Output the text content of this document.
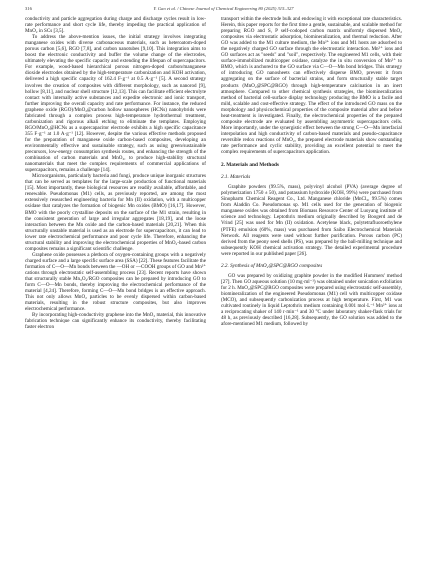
316	Y. Gao et al. / Chinese Journal of Chemical Engineering 80 (2025) 315–327

conductivity and particle aggregation during charge and discharge cycles result in low-rate performance and short cycle life, thereby impeding the practical application of MnO₂ in SCs [3,5].

To address the above-mention issues, the initial strategy involves integrating manganese oxides with diverse carbonaceous materials, such as heteroatom-doped porous carbon [5,6], RGO [7,8], and carbon nanotubes [9,10]. This integration aims to boost the electronic conductivity and buffer the volume change of the electrodes, ultimately elevating the specific capacity and extending the lifespan of supercapacitors. For example, wood-based hierarchical porous nitrogen-doped carbon/manganese dioxide electrodes obtained by the high-temperature carbonization and KOH activation, delivered a high specific capacity of 162.4 F·g⁻¹ at 0.5 A·g⁻¹ [5]. A second strategy involves the creation of composites with different morphology, such as nanorod [9], hollow [8,11], and nuclear shell structure [12,13]. This can facilitate efficient electrolyte contact with internally active substances and expedite electronic and ionic transport, further improving the overall capacity and rate performance. For instance, the reduced graphene oxide (RGO)/MnO₂@carbon hollow nanospheres (HCNs) nanohybrids were fabricated through a complex process high-temperature hydrothermal treatment, carbonization and rigorous alkali etching to eliminate the templates. Employing RGO/MnO₂@HCNs as a supercapacitor electrode exhibits a high specific capacitance 355 F·g⁻¹ at 1.0 A·g⁻¹ [12]. However, despite the various effective methods proposed for the preparation of manganese oxide carbon-based composites, developing an environmentally effective and sustainable strategy, such as using green/sustainable precursors, low-energy consumption synthesis routes, and enhancing the strength of the combination of carbon materials and MnO₂, to produce high-stability structural nanomaterials that meet the complex requirements of commercial applications of supercapacitors, remains a challenge [14].

Microorganisms, particularly bacteria and fungi, produce unique inorganic structures that can be served as templates for the large-scale production of functional materials [15]. Most importantly, these biological resources are readily available, affordable, and renewable. Pseudomonas (M1) cells, as previously reported, are among the most extensively researched engineering bacteria for Mn (II) oxidation, with a multicopper oxidase that catalyzes the formation of biogenic Mn oxides (BMO) [16,17]. However, BMO with the poorly crystalline deposits on the surface of the M1 strain, resulting in the consistent generation of large and irregular aggregates [18,19], and the loose interaction between the Mn oxide and the carbon-based materials [20,21]. When this structurally unstable material is used as an electrode for supercapacitors, it can lead to lower rate electrochemical performance and poor cycle life. Therefore, enhancing the structural stability and improving the electrochemical properties of MnO₂-based carbon composites remains a significant scientific challenge.

Graphene oxide possesses a plethora of oxygen-containing groups with a negatively charged surface and a large specific surface area (SSA) [22]. These features facilitate the formation of C—O—Mn bonds between the —OH or —COOH groups of GO and Mn²⁺ cations through electrostatic self-assembling process [23]. Recent reports have shown that structurally stable Mn₃O₄/RGO composites can be prepared by introducing GO to form C—O—Mn bonds, thereby improving the electrochemical performance of the material [4,24]. Therefore, forming C—O—Mn bond bridges is an effective approach. This not only allows MnO₂ particles to be evenly dispersed within carbon-based materials, resulting in the robust structure composites, but also improves electrochemical performance.

By incorporating high-conductivity graphene into the MnO₂ material, this innovative fabrication technique can significantly enhance its conductivity, thereby facilitating faster electron

transport within the electrode bulk and endowing it with exceptional rate characteristics. Herein, this paper reports for the first time a gentle, sustainable, and scalable method for preparing RGO and S, P self-codoped carbon matrix uniformly dispersed MnO₂ composites via electrostatic adsorption, biomineralization, and thermal reduction. After GO was added to the M1 culture medium, the Mn²⁺ ions and M1 hosts are adsorbed to the negatively charged GO surface through the electrostatic interaction. Mn²⁺ ions and GO surfaces act as "seeds" and "soil", respectively. The engineered M1 cells, with their surface-immobilized multicopper oxidase, catalyze the in situ conversion of Mn²⁺ to BMO, which is anchored to the GO surface via C—O—Mn bond bridges. This strategy of introducing GO nanosheets can effectively disperse BMO, prevent it from aggregating on the surface of bacterial strains, and form structurally stable target products (MnO₂@SPC@RGO) through high-temperature calcination in an inert atmosphere. Compared to other chemical synthesis strategies, the biomineralization method of bacterial cell-surface display technology producing the BMO is a facile and mild, scalable and cost-effective strategy. The effect of the introduced GO mass on the morphology and physicochemical properties of the composite material after and before heat-treatment is investigated. Finally, the electrochemical properties of the prepared composite electrode are evaluated by assembling asymmetric supercapacitors cells. More importantly, under the synergistic effect between the strong C—O—Mn interfacial interpolation and high conductivity of carbon-based materials and pseudo-capacitance reversible redox reactions of MnO₂, the prepared electrode materials show outstanding rate performance and cyclic stability, providing an excellent potential to meet the complex requirements of supercapacitors application.

2. Materials and Methods
2.1. Materials

Graphite powders (99.5%, mass), polyvinyl alcohol (PVA) (average degree of polymerization 1750 ± 50), and potassium hydroxide (KOH, 99%) were purchased from Sinopharm Chemical Reagent Co., Ltd. Manganese chloride (MnCl₂, 99.5%) comes from Aladdin Co. Pseudomonas sp. M1 cells used for the generation of biogenic manganese oxides was obtained from Biomass Resource Center of Luoyang institute of science and technology. Leptothrix medium originally described by Boogerd and de Vrind [25] was used for Mn (II) oxidation. Acetylene black, polytetrafluoroethylene (PTFE) emulsion (60%, mass) was purchased from Saibo Electrochemical Materials Network. All reagents were used without further purification. Porous carbon (PC) derived from the peony seed shells (PS), was prepared by the ball-milling technique and subsequently KOH chemical activation strategy. The detailed experimental procedure were reported in our published paper [26].

2.2. Synthesis of MnO₂@SPC@RGO composites

GO was prepared by oxidizing graphite powder in the modified Hummers' method [27]. Then GO aqueous solution (10 mg·ml⁻¹) was obtained under sonication exfoliation for 2 h. MnO₂@SPC@RGO composites were prepared using electrostatic self-assembly, biomineralization of the engineered Pseudomonas (M1) cell with multicopper oxidase (MCO), and subsequently carbonization process at high temperature. First, M1 was cultivated routinely in liquid Leptothrix medium containing 0.001 mol·L⁻¹ Mn²⁺ ions at a reciprocating shaker of 140 r·min⁻¹ and 30 °C under laboratory shaker-flask trials for 48 h, as previously described [16,28]. Subsequently, the GO solution was added to the afore-mentioned M1 medium, followed by
